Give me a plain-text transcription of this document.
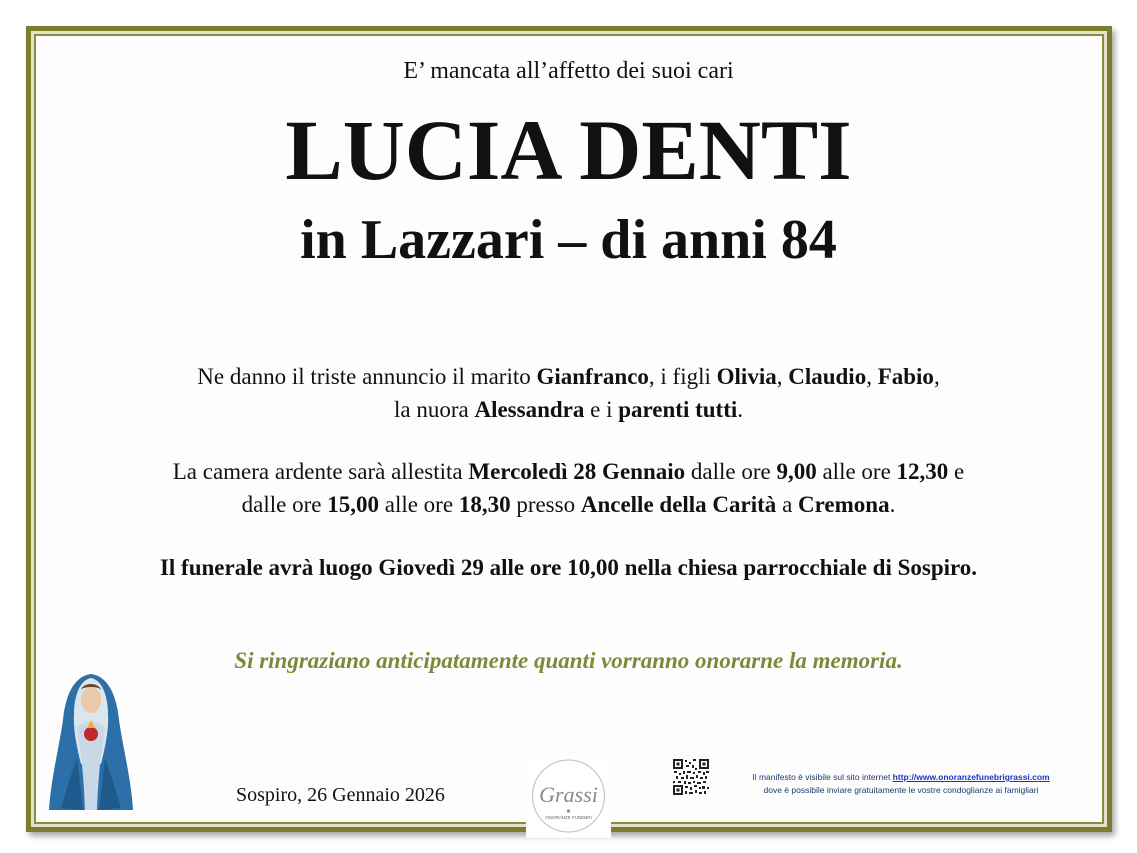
E’ mancata all’affetto dei suoi cari
LUCIA DENTI
in Lazzari – di anni 84
Ne danno il triste annuncio il marito Gianfranco, i figli Olivia, Claudio, Fabio,
la nuora Alessandra e i parenti tutti.
La camera ardente sarà allestita Mercoledì 28 Gennaio dalle ore 9,00 alle ore 12,30 e
dalle ore 15,00 alle ore 18,30 presso Ancelle della Carità a Cremona.
Il funerale avrà luogo Giovedì 29 alle ore 10,00 nella chiesa parrocchiale di Sospiro.
Si ringraziano anticipatamente quanti vorranno onorarne la memoria.
Sospiro, 26 Gennaio 2026	Grassi
ONORANZE FUNEBRI
Il manifesto è visibile sul sito internet http://www.onoranzefunebrigrassi.com
dove è possibile inviare gratuitamente le vostre condoglianze ai famigliari
